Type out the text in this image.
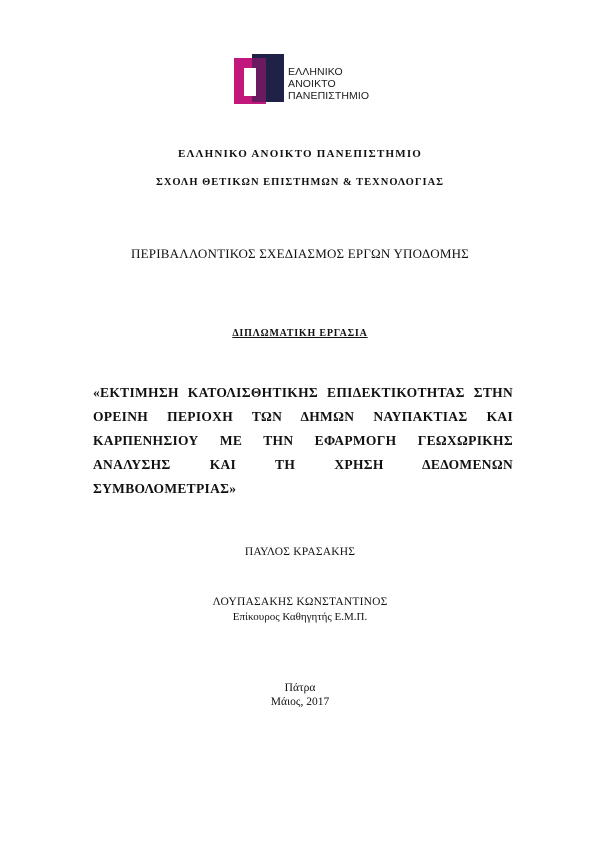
ΕΛΛΗΝΙΚΟ
ΑΝΟΙΚΤΟ
ΠΑΝΕΠΙΣΤΗΜΙΟ
ΕΛΛΗΝΙΚΟ ΑΝΟΙΚΤΟ ΠΑΝΕΠΙΣΤΗΜΙΟ
ΣΧΟΛΗ ΘΕΤΙΚΩΝ ΕΠΙΣΤΗΜΩΝ & ΤΕΧΝΟΛΟΓΙΑΣ
ΠΕΡΙΒΑΛΛΟΝΤΙΚΟΣ ΣΧΕΔΙΑΣΜΟΣ ΕΡΓΩΝ ΥΠΟΔΟΜΗΣ
ΔΙΠΛΩΜΑΤΙΚΗ ΕΡΓΑΣΙΑ
«ΕΚΤΙΜΗΣΗ ΚΑΤΟΛΙΣΘΗΤΙΚΗΣ ΕΠΙΔΕΚΤΙΚΟΤΗΤΑΣ ΣΤΗΝ
ΟΡΕΙΝΗ ΠΕΡΙΟΧΗ ΤΩΝ ΔΗΜΩΝ ΝΑΥΠΑΚΤΙΑΣ ΚΑΙ
ΚΑΡΠΕΝΗΣΙΟΥ ΜΕ ΤΗΝ ΕΦΑΡΜΟΓΗ ΓΕΩΧΩΡΙΚΗΣ
ΑΝΑΛΥΣΗΣ ΚΑΙ ΤΗ ΧΡΗΣΗ ΔΕΔΟΜΕΝΩΝ
ΣΥΜΒΟΛΟΜΕΤΡΙΑΣ»
ΠΑΥΛΟΣ ΚΡΑΣΑΚΗΣ
ΛΟΥΠΑΣΑΚΗΣ ΚΩΝΣΤΑΝΤΙΝΟΣ
Επίκουρος Καθηγητής Ε.Μ.Π.
Πάτρα
Μάιος, 2017
